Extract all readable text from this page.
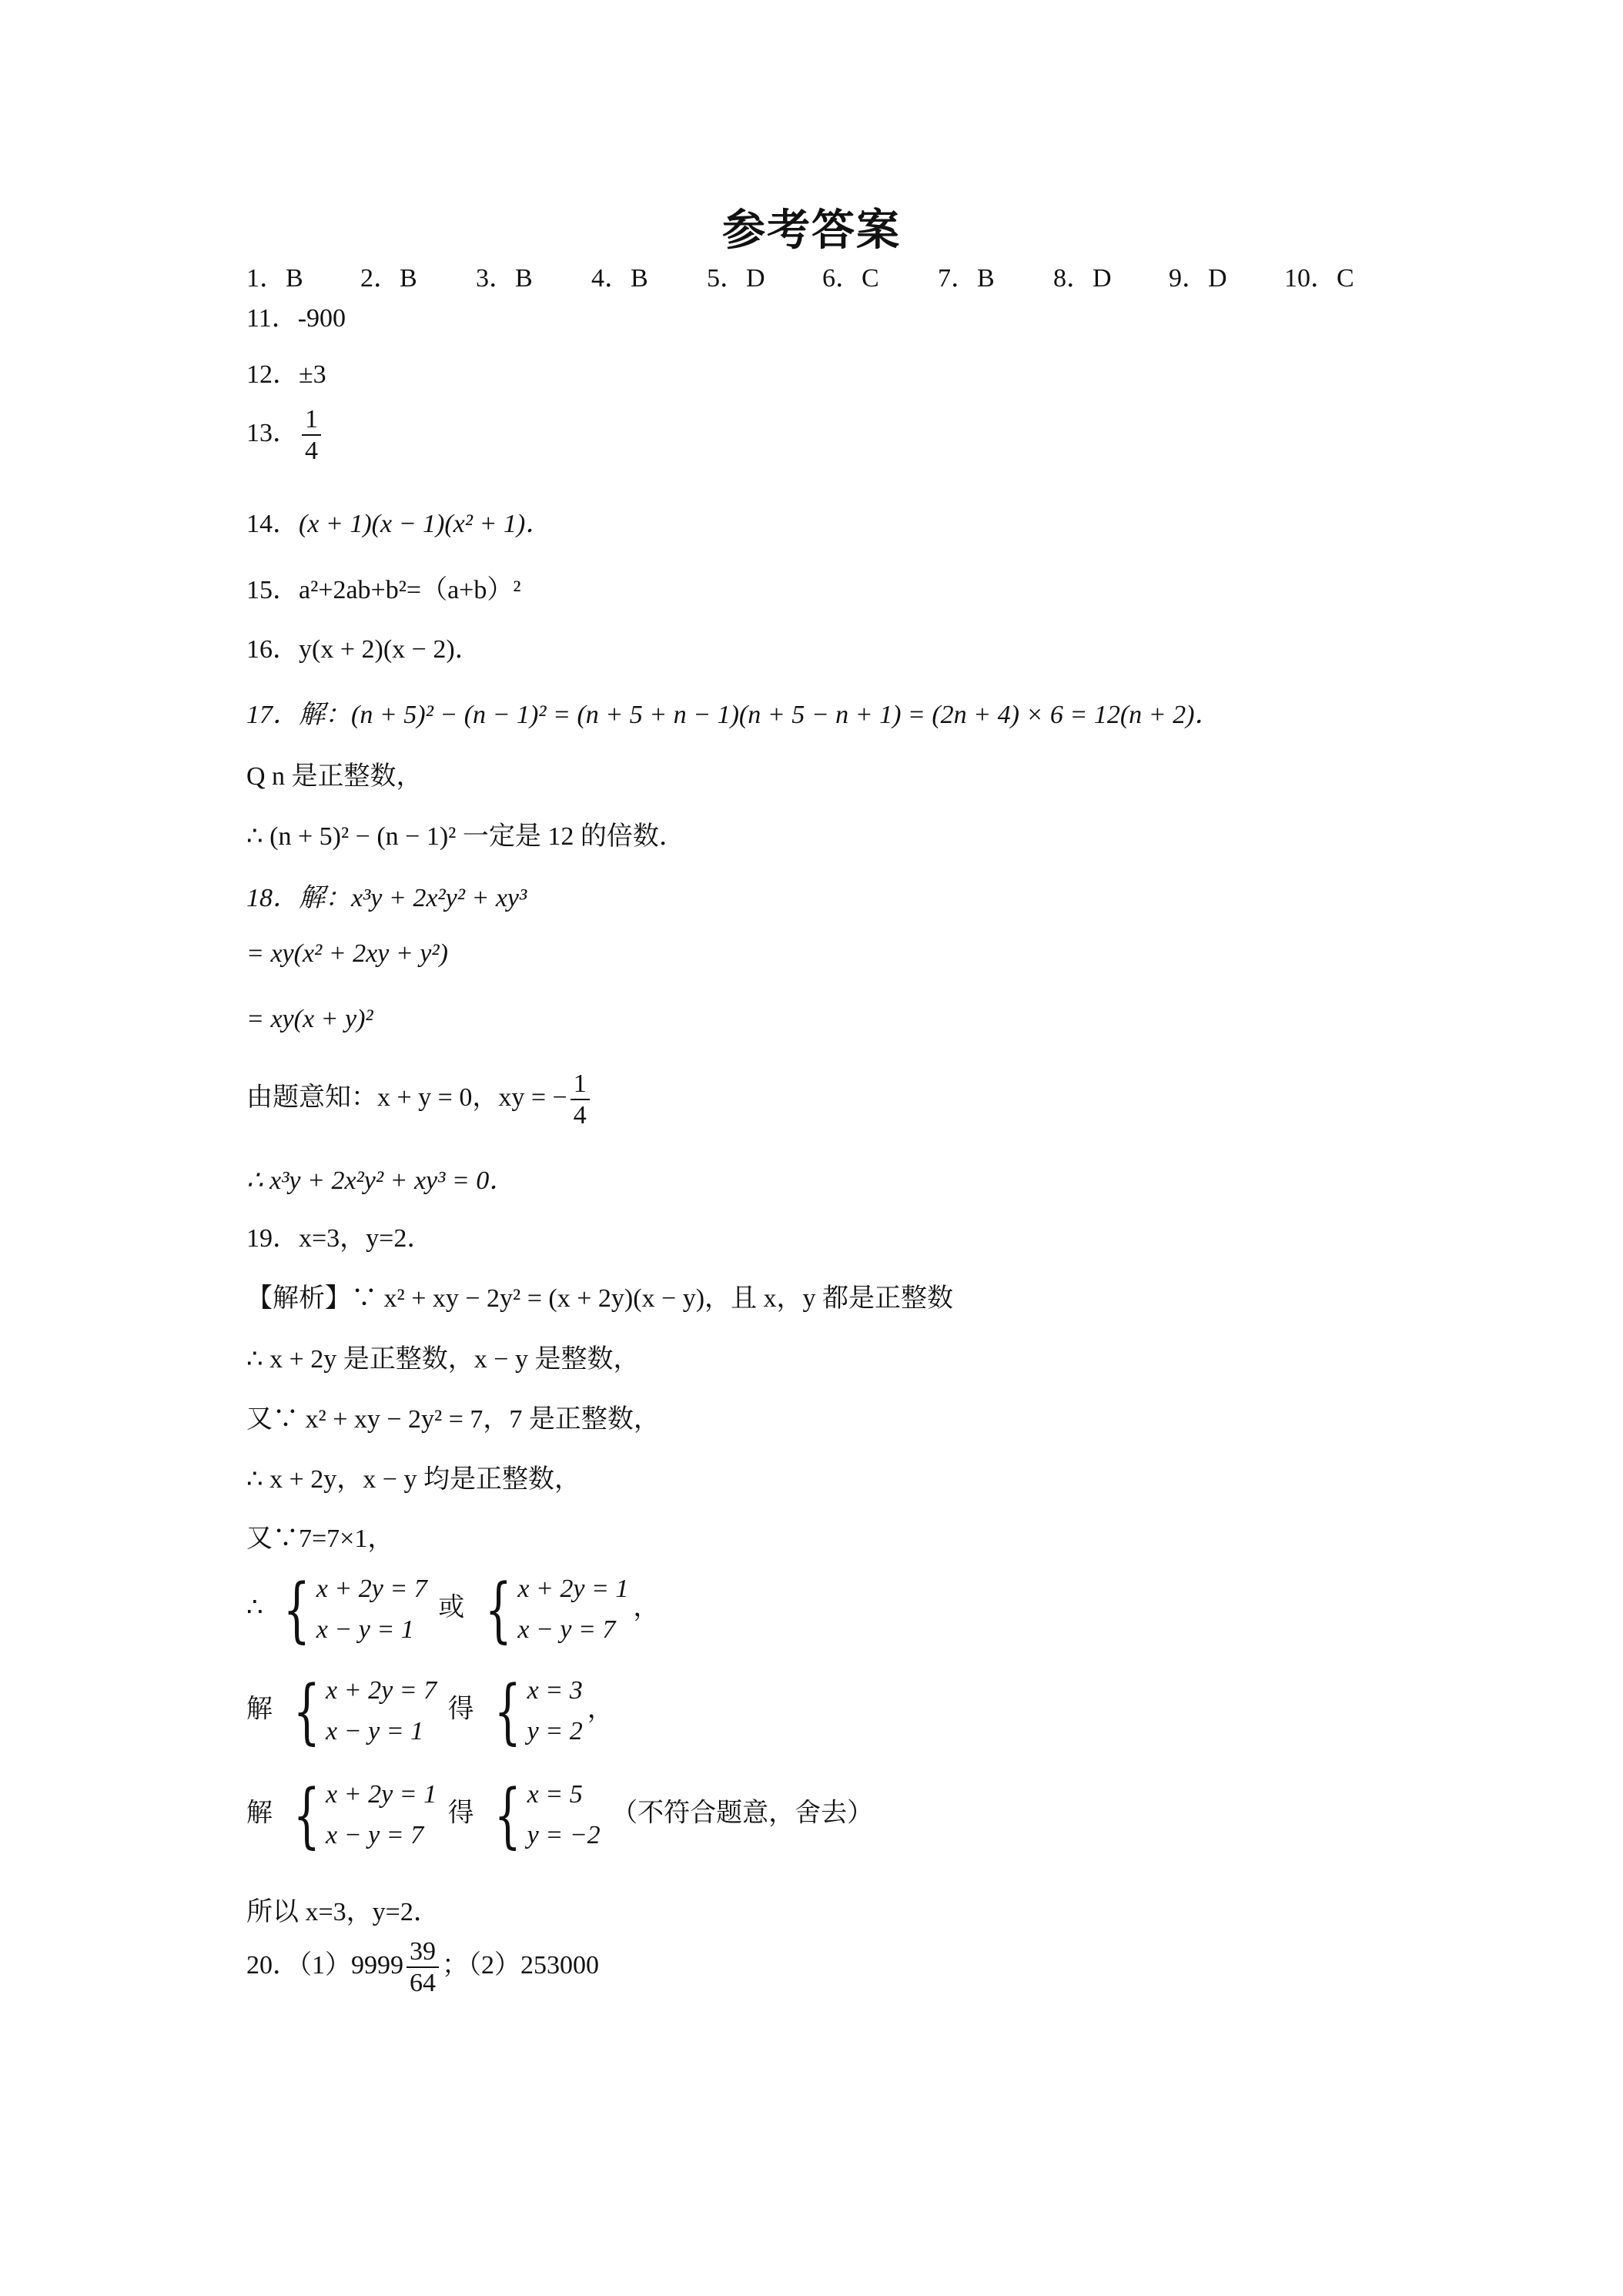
参考答案
1．B 2．B 3．B 4．B 5．D 6．C 7．B 8．D 9．D 10．C
11．-900
12．±3
13． $\frac{1}{4}$
14．(x + 1)(x − 1)(x² + 1)．
15．a²+2ab+b²=（a+b）²
16．y(x + 2)(x − 2)．
17．解：(n + 5)² − (n − 1)² = (n + 5 + n − 1)(n + 5 − n + 1) = (2n + 4) × 6 = 12(n + 2)．
Q n 是正整数，
∴ (n + 5)² − (n − 1)² 一定是 12 的倍数．
18．解：x³y + 2x²y² + xy³
= xy(x² + 2xy + y²)
= xy(x + y)²
由题意知：x + y = 0，xy = − $\frac{1}{4}$
∴ x³y + 2x²y² + xy³ = 0．
19．x=3，y=2．
【解析】∵ x² + xy − 2y² = (x + 2y)(x − y)，且 x，y 都是正整数
∴ x + 2y 是正整数，x − y 是整数，
又∵ x² + xy − 2y² = 7，7 是正整数，
∴ x + 2y，x − y 均是正整数，
又∵7=7×1，
∴ { x + 2y = 7
x − y = 1
或 { x + 2y = 1
x − y = 7
，
解 { x + 2y = 7
x − y = 1
得 { x = 3
y = 2
，
解 { x + 2y = 1
x − y = 7
得 { x = 5
y = −2
（不符合题意，舍去）
所以 x=3，y=2．
20．$(1)9999 \frac{39}{64}$ ；（2）253000
